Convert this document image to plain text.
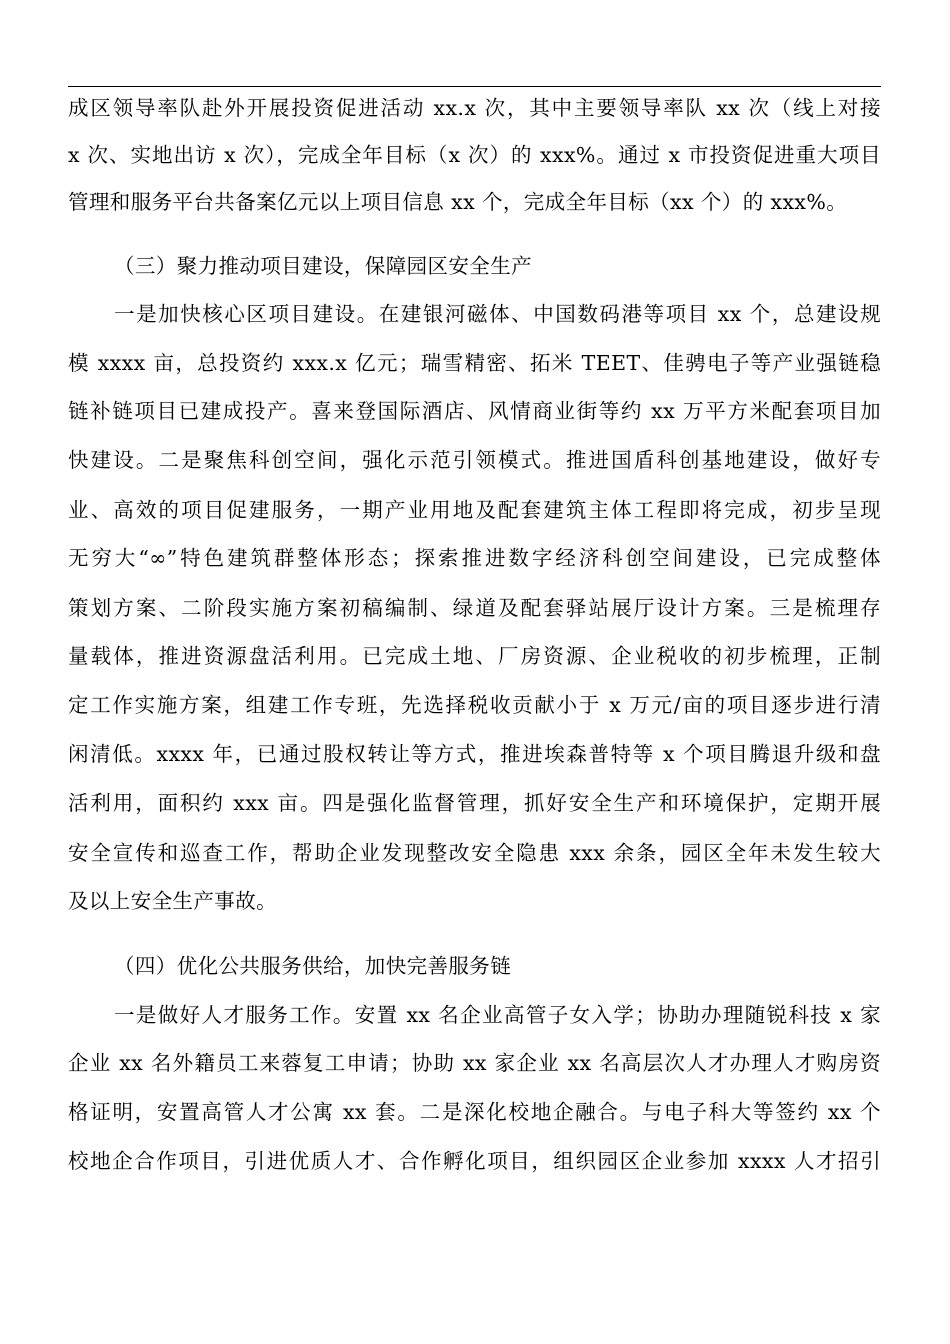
成区领导率队赴外开展投资促进活动 xx.x 次，其中主要领导率队 xx 次（线上对接
x 次、实地出访 x 次），完成全年目标（x 次）的 xxx%。通过 x 市投资促进重大项目
管理和服务平台共备案亿元以上项目信息 xx 个，完成全年目标（xx 个）的 xxx%。
（三）聚力推动项目建设，保障园区安全生产
一是加快核心区项目建设。在建银河磁体、中国数码港等项目 xx 个，总建设规
模 xxxx 亩，总投资约 xxx.x 亿元；瑞雪精密、拓米 TEET、佳骋电子等产业强链稳
链补链项目已建成投产。喜来登国际酒店、风情商业街等约 xx 万平方米配套项目加
快建设。二是聚焦科创空间，强化示范引领模式。推进国盾科创基地建设，做好专
业、高效的项目促建服务，一期产业用地及配套建筑主体工程即将完成，初步呈现
无穷大“∞”特色建筑群整体形态；探索推进数字经济科创空间建设，已完成整体
策划方案、二阶段实施方案初稿编制、绿道及配套驿站展厅设计方案。三是梳理存
量载体，推进资源盘活利用。已完成土地、厂房资源、企业税收的初步梳理，正制
定工作实施方案，组建工作专班，先选择税收贡献小于 x 万元/亩的项目逐步进行清
闲清低。xxxx 年，已通过股权转让等方式，推进埃森普特等 x 个项目腾退升级和盘
活利用，面积约 xxx 亩。四是强化监督管理，抓好安全生产和环境保护，定期开展
安全宣传和巡查工作，帮助企业发现整改安全隐患 xxx 余条，园区全年未发生较大
及以上安全生产事故。
（四）优化公共服务供给，加快完善服务链
一是做好人才服务工作。安置 xx 名企业高管子女入学；协助办理随锐科技 x 家
企业 xx 名外籍员工来蓉复工申请；协助 xx 家企业 xx 名高层次人才办理人才购房资
格证明，安置高管人才公寓 xx 套。二是深化校地企融合。与电子科大等签约 xx 个
校地企合作项目，引进优质人才、合作孵化项目，组织园区企业参加 xxxx 人才招引
